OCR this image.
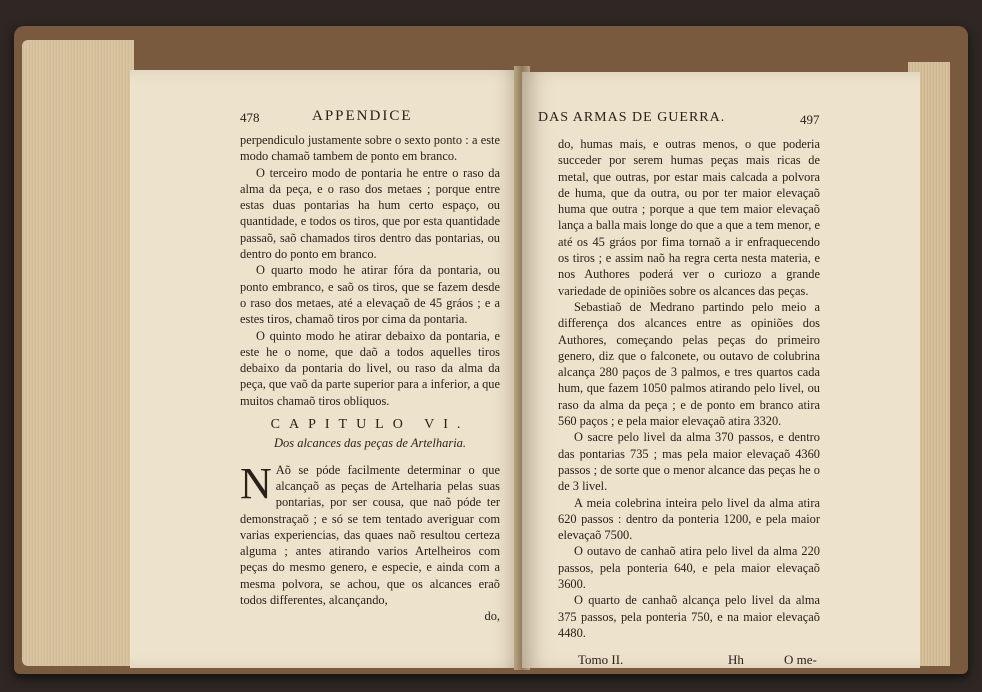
478	APPENDICE

perpendiculo justamente sobre o sexto ponto : a este modo chamaõ tambem de ponto em branco.

O terceiro modo de pontaria he entre o raso da alma da peça, e o raso dos metaes ; porque entre estas duas pontarias ha hum certo espaço, ou quantidade, e todos os tiros, que por esta quantidade passaõ, saõ chamados tiros dentro das pontarias, ou dentro do ponto em branco.

O quarto modo he atirar fóra da pontaria, ou ponto embranco, e saõ os tiros, que se fazem desde o raso dos metaes, até a elevaçaõ de 45 gráos ; e a estes tiros, chamaõ tiros por cima da pontaria.

O quinto modo he atirar debaixo da pontaria, e este he o nome, que daõ a todos aquelles tiros debaixo da pontaria do livel, ou raso da alma da peça, que vaõ da parte superior para a inferior, a que muitos chamaõ tiros obliquos.

CAPITULO VI.

Dos alcances das peças de Artelharia.

N Aõ se póde facilmente determinar o que alcançaõ as peças de Artelharia pelas suas pontarias, por ser cousa, que naõ póde ter demonstraçaõ ; e só se tem tentado averiguar com varias experiencias, das quaes naõ resultou certeza alguma ; antes atirando varios Artelheiros com peças do mesmo genero, e especie, e ainda com a mesma polvora, se achou, que os alcances eraõ todos differentes, alcançando,

do,

DAS ARMAS DE GUERRA.	497

do, humas mais, e outras menos, o que poderia succeder por serem humas peças mais ricas de metal, que outras, por estar mais calcada a polvora de huma, que da outra, ou por ter maior elevaçaõ huma que outra ; porque a que tem maior elevaçaõ lança a balla mais longe do que a que a tem menor, e até os 45 gráos por fima tornaõ a ir enfraquecendo os tiros ; e assim naõ ha regra certa nesta materia, e nos Authores poderá ver o curiozo a grande variedade de opiniões sobre os alcances das peças.

Sebastiaõ de Medrano partindo pelo meio a differença dos alcances entre as opiniões dos Authores, começando pelas peças do primeiro genero, diz que o falconete, ou outavo de colubrina alcança 280 paços de 3 palmos, e tres quartos cada hum, que fazem 1050 palmos atirando pelo livel, ou raso da alma da peça ; e de ponto em branco atira 560 paços ; e pela maior elevaçaõ atira 3320.

O sacre pelo livel da alma 370 passos, e dentro das pontarias 735 ; mas pela maior elevaçaõ 4360 passos ; de sorte que o menor alcance das peças he o de 3 livel.

A meia colebrina inteira pelo livel da alma atira 620 passos : dentro da ponteria 1200, e pela maior elevaçaõ 7500.

O outavo de canhaõ atira pelo livel da alma 220 passos, pela ponteria 640, e pela maior elevaçaõ 3600.

O quarto de canhaõ alcança pelo livel da alma 375 passos, pela ponteria 750, e na maior elevaçaõ 4480.

Tomo II.	Hh	O me-
